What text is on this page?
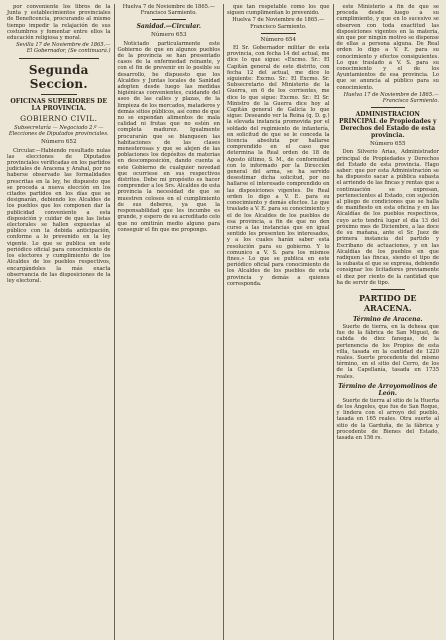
por conveniente los libros de la Junta y establecimientos provinciales de Beneficencia, procurando al mismo tiempo impedir la relajación de sus costumbres y fomentar entre ellos la educación religiosa y moral.

Sevilla 17 de Noviembre de 1865.—El Gobernador, (Se continuará.)

Segunda Seccion.
OFICINAS SUPERIORES DE LA PROVINCIA.
GOBIERNO CIVIL.

Subsecretaría — Negociado 2.º — Elecciones de Diputados provinciales.

Número 652

Circular.—Habiendo resultado nulas las elecciones de Diputados provinciales verificadas en los partidos judiciales de Aracena y Arahal, por no haberse observado las formalidades prescritas en la ley, he dispuesto que se proceda a nueva elección en los citados partidos en los días que se designarán, debiendo los Alcaldes de los pueblos que los componen dar la publicidad conveniente a esta disposición y cuidar de que las listas electorales se hallen expuestas al público con la debida anticipación, conforme a lo prevenido en la ley vigente. Lo que se publica en este periódico oficial para conocimiento de los electores y cumplimiento de los Alcaldes de los pueblos respectivos, encargándoles la más exacta observancia de las disposiciones de la ley electoral.

Huelva 7 de Noviembre de 1865.—Francisco Sarmiento.

Sanidad.—Circular.
Número 653

Noticiado particularmente este Gobierno de que en algunos pueblos de la provincia se han presentado casos de la enfermedad reinante, y con el fin de prevenir en lo posible su desarrollo, he dispuesto que los Alcaldes y Juntas locales de Sanidad adopten desde luego las medidas higiénicas convenientes, cuidando del aseo de las calles y plazas, de la limpieza de los mercados, mataderos y demás sitios públicos, así como de que no se expendan alimentos de mala calidad ni frutas que no estén en completa madurez. Igualmente procurarán que se blanqueen las habitaciones de las clases menesterosas y que se alejen de las poblaciones los depósitos de materias en descomposición, dando cuenta a este Gobierno de cualquier novedad que ocurriese en sus respectivos distritos. Debe mi propósito es hacer comprender a los Srs. Alcaldes de esta provincia la necesidad de que se muestren celosos en el cumplimiento de sus deberes, ya que la responsabilidad que les incumbe es grande, y espero de su acreditado celo que no omitirán medio alguno para conseguir el fin que me propongo.

que tan respetable como los que siguen cumplimentan lo prevenido.

Huelva 7 de Noviembre de 1865.—Francisco Sarmiento.

Número 654

El Sr. Gobernador militar de esta provincia, con fecha 14 del actual, me dice lo que sigue: «Excmo. Sr.: El Capitán general de este distrito, con fecha 12 del actual, me dice lo siguiente: Excmo. Sr.: El Excmo. Sr. Subsecretario del Ministerio de la Guerra, en 6 de los corrientes, me dice lo que sigue: Excmo. Sr.: El Sr. Ministro de la Guerra dice hoy al Capitán general de Galicia lo que sigue: Deseando ver la Reina (q. D. g.) la elevada instancia promovida por el soldado del regimiento de infantería, en solicitud de que se le conceda la licencia absoluta por hallarse comprendido en el caso que determina la Real orden de 18 de Agosto último, S. M., de conformidad con lo informado por la Dirección general del arma, se ha servido desestimar dicha solicitud, por no hallarse el interesado comprendido en las disposiciones vigentes. De Real orden lo digo a V. E. para su conocimiento y demás efectos. Lo que traslado a V. E. para su conocimiento y el de los Alcaldes de los pueblos de esa provincia, a fin de que no den curso a las instancias que en igual sentido les presenten los interesados, y a los cuales harán saber esta resolución para su gobierno. Y lo comunico a V. S. para los mismos fines.» Lo que se publica en este periódico oficial para conocimiento de los Alcaldes de los pueblos de esta provincia y demás a quienes corresponda.

este Ministerio a fin de que se proceda desde luego a su cumplimiento, y que en lo sucesivo se observen con toda exactitud las disposiciones vigentes en la materia, sin que por ningún motivo se dispense de ellas a persona alguna. De Real orden lo digo a V. E. para su conocimiento y efectos consiguientes. Lo que traslado a V. S. para su conocimiento y el de los Ayuntamientos de esa provincia. Lo que se anuncia al público para su conocimiento.

Huelva 17 de Noviembre de 1865.—Francisco Sarmiento.

ADMINISTRACION PRINCIPAL de Propiedades y Derechos del Estado de esta provincia.
Número 655

Don Silverio Arias, Administrador principal de Propiedades y Derechos del Estado de esta provincia. Hago saber: que por esta Administración se ha dispuesto sacar a pública subasta el arriendo de las fincas y rentas que a continuación se expresan, pertenecientes al Estado, con sujeción al pliego de condiciones que se halla de manifiesto en esta oficina y en las Alcaldías de los pueblos respectivos, cuyo acto tendrá lugar el día 13 del próximo mes de Diciembre, a las doce de su mañana, ante el Sr. Juez de primera instancia del partido y Escribano de actuaciones, y en las Alcaldías de los pueblos en que radiquen las fincas, siendo el tipo de la subasta el que se expresa, debiendo consignar los licitadores previamente el diez por ciento de la cantidad que ha de servir de tipo.

PARTIDO DE ARACENA.
Término de Aracena.

Suerte de tierra, en la dehesa que fue de la fábrica de San Miguel, de cabida de diez fanegas, de la pertenencia de los Propios de esta villa, tasada en la cantidad de 1220 reales. Suerte procedente del mismo término, en el sitio del Cerro, de los de la Capellanía, tasada en 1735 reales.

Término de Arroyomolinos de León.

Suerte de tierra al sitio de la Huerta de los Ángeles, que fue de San Roque, y lindera con el arroyo del pueblo, tasada en 165 reales. Otra suerte al sitio de la Garduña, de la fábrica y procedente de Bienes del Estado, tasada en 156 rs.
